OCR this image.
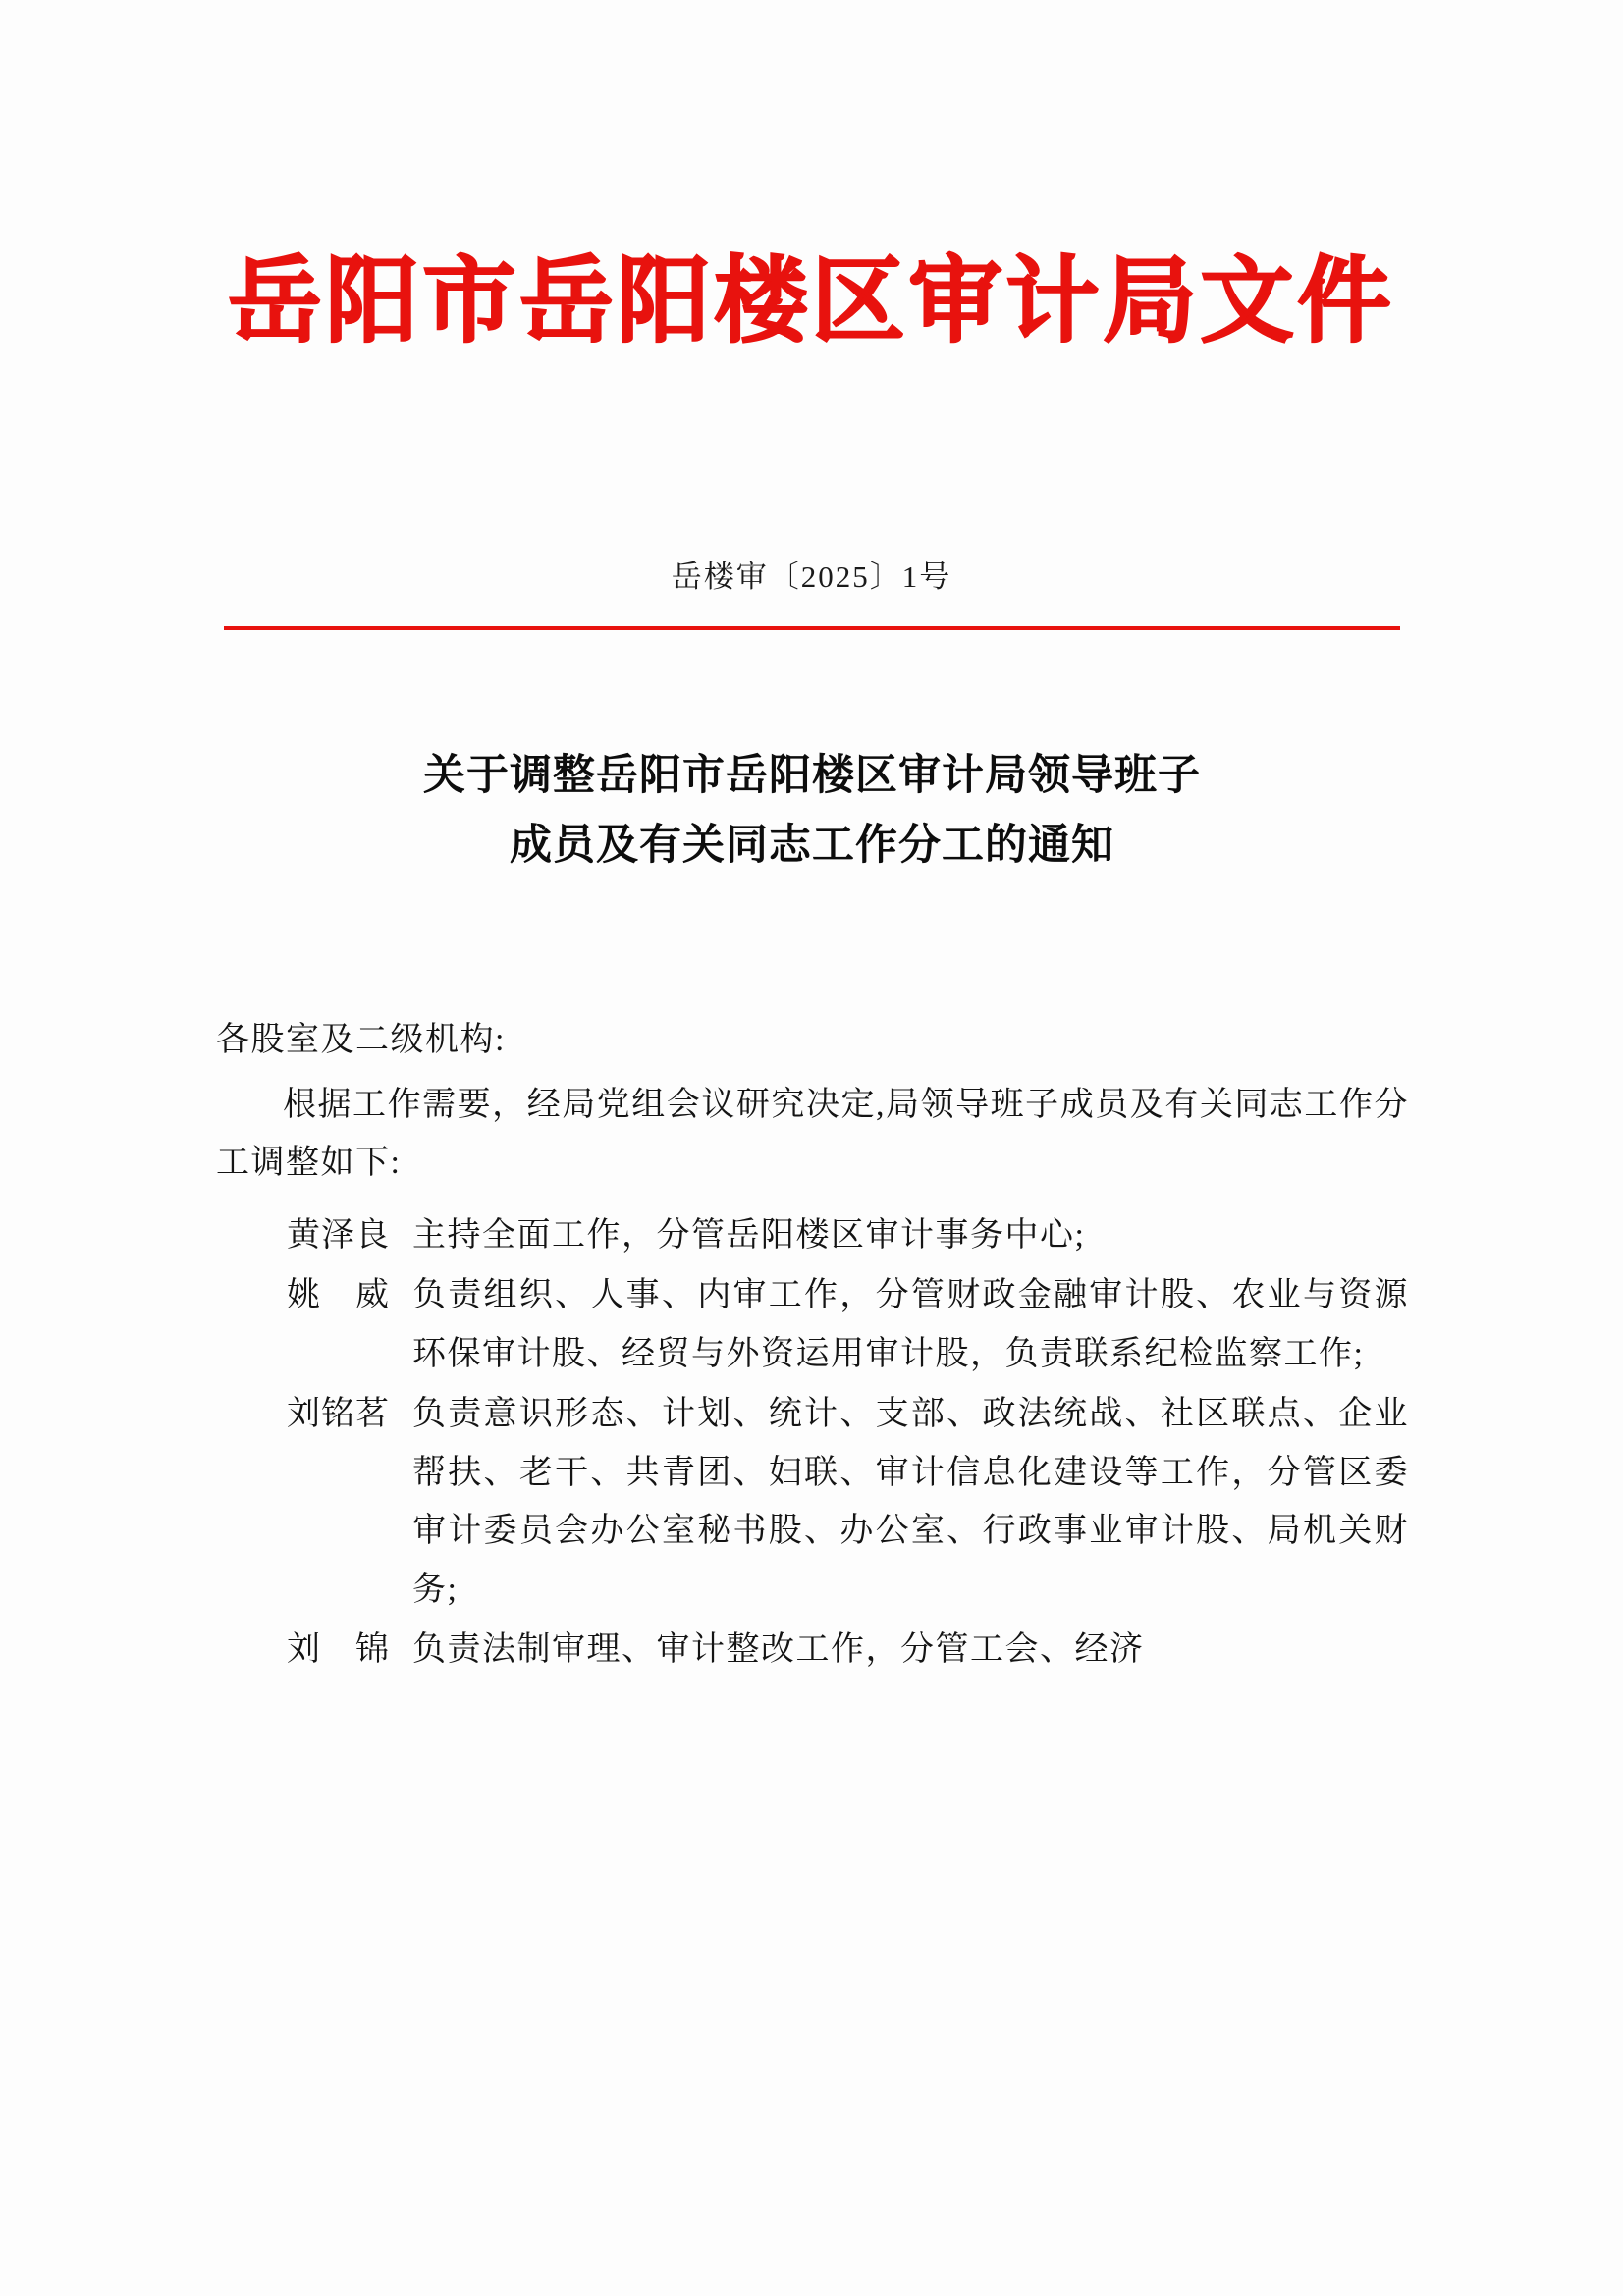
岳阳市岳阳楼区审计局文件
岳楼审〔2025〕1号
关于调整岳阳市岳阳楼区审计局领导班子
成员及有关同志工作分工的通知

各股室及二级机构:

根据工作需要，经局党组会议研究决定,局领导班子成员及有关同志工作分工调整如下:

黄泽良 主持全面工作，分管岳阳楼区审计事务中心;
姚　威 负责组织、人事、内审工作，分管财政金融审计股、农业与资源环保审计股、经贸与外资运用审计股，负责联系纪检监察工作;
刘铭茗 负责意识形态、计划、统计、支部、政法统战、社区联点、企业帮扶、老干、共青团、妇联、审计信息化建设等工作，分管区委审计委员会办公室秘书股、办公室、行政事业审计股、局机关财务;
刘　锦 负责法制审理、审计整改工作，分管工会、经济
